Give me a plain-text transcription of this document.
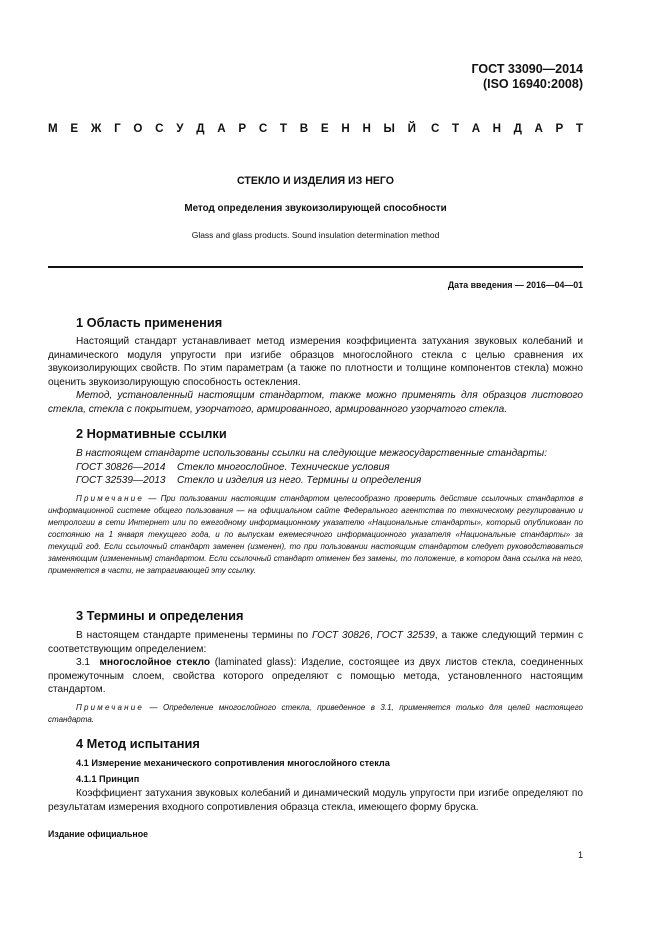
ГОСТ 33090—2014
(ISO 16940:2008)
М Е Ж Г О С У Д А Р С Т В Е Н Н Ы Й С Т А Н Д А Р Т
СТЕКЛО И ИЗДЕЛИЯ ИЗ НЕГО
Метод определения звукоизолирующей способности
Glass and glass products. Sound insulation determination method
Дата введения — 2016—04—01
1 Область применения

Настоящий стандарт устанавливает метод измерения коэффициента затухания звуковых колебаний и динамического модуля упругости при изгибе образцов многослойного стекла с целью сравнения их звукоизолирующих свойств. По этим параметрам (а также по плотности и толщине компонентов стекла) можно оценить звукоизолирующую способность остекления.

Метод, установленный настоящим стандартом, также можно применять для образцов листового стекла, стекла с покрытием, узорчатого, армированного, армированного узорчатого стекла.

2 Нормативные ссылки

В настоящем стандарте использованы ссылки на следующие межгосударственные стандарты:

ГОСТ 30826—2014 Стекло многослойное. Технические условия

ГОСТ 32539—2013 Стекло и изделия из него. Термины и определения

Примечание — При пользовании настоящим стандартом целесообразно проверить действие ссылочных стандартов в информационной системе общего пользования — на официальном сайте Федерального агентства по техническому регулированию и метрологии в сети Интернет или по ежегодному информационному указателю «Национальные стандарты», который опубликован по состоянию на 1 января текущего года, и по выпускам ежемесячного информационного указателя «Национальные стандарты» за текущий год. Если ссылочный стандарт заменен (изменен), то при пользовании настоящим стандартом следует руководствоваться заменяющим (измененным) стандартом. Если ссылочный стандарт отменен без замены, то положение, в котором дана ссылка на него, применяется в части, не затрагивающей эту ссылку.

3 Термины и определения

В настоящем стандарте применены термины по ГОСТ 30826, ГОСТ 32539, а также следующий термин с соответствующим определением:

3.1 многослойное стекло (laminated glass): Изделие, состоящее из двух листов стекла, соединенных промежуточным слоем, свойства которого определяют с помощью метода, установленного настоящим стандартом.

Примечание — Определение многослойного стекла, приведенное в 3.1, применяется только для целей настоящего стандарта.

4 Метод испытания
4.1 Измерение механического сопротивления многослойного стекла
4.1.1 Принцип

Коэффициент затухания звуковых колебаний и динамический модуль упругости при изгибе определяют по результатам измерения входного сопротивления образца стекла, имеющего форму бруска.

Издание официальное
1
